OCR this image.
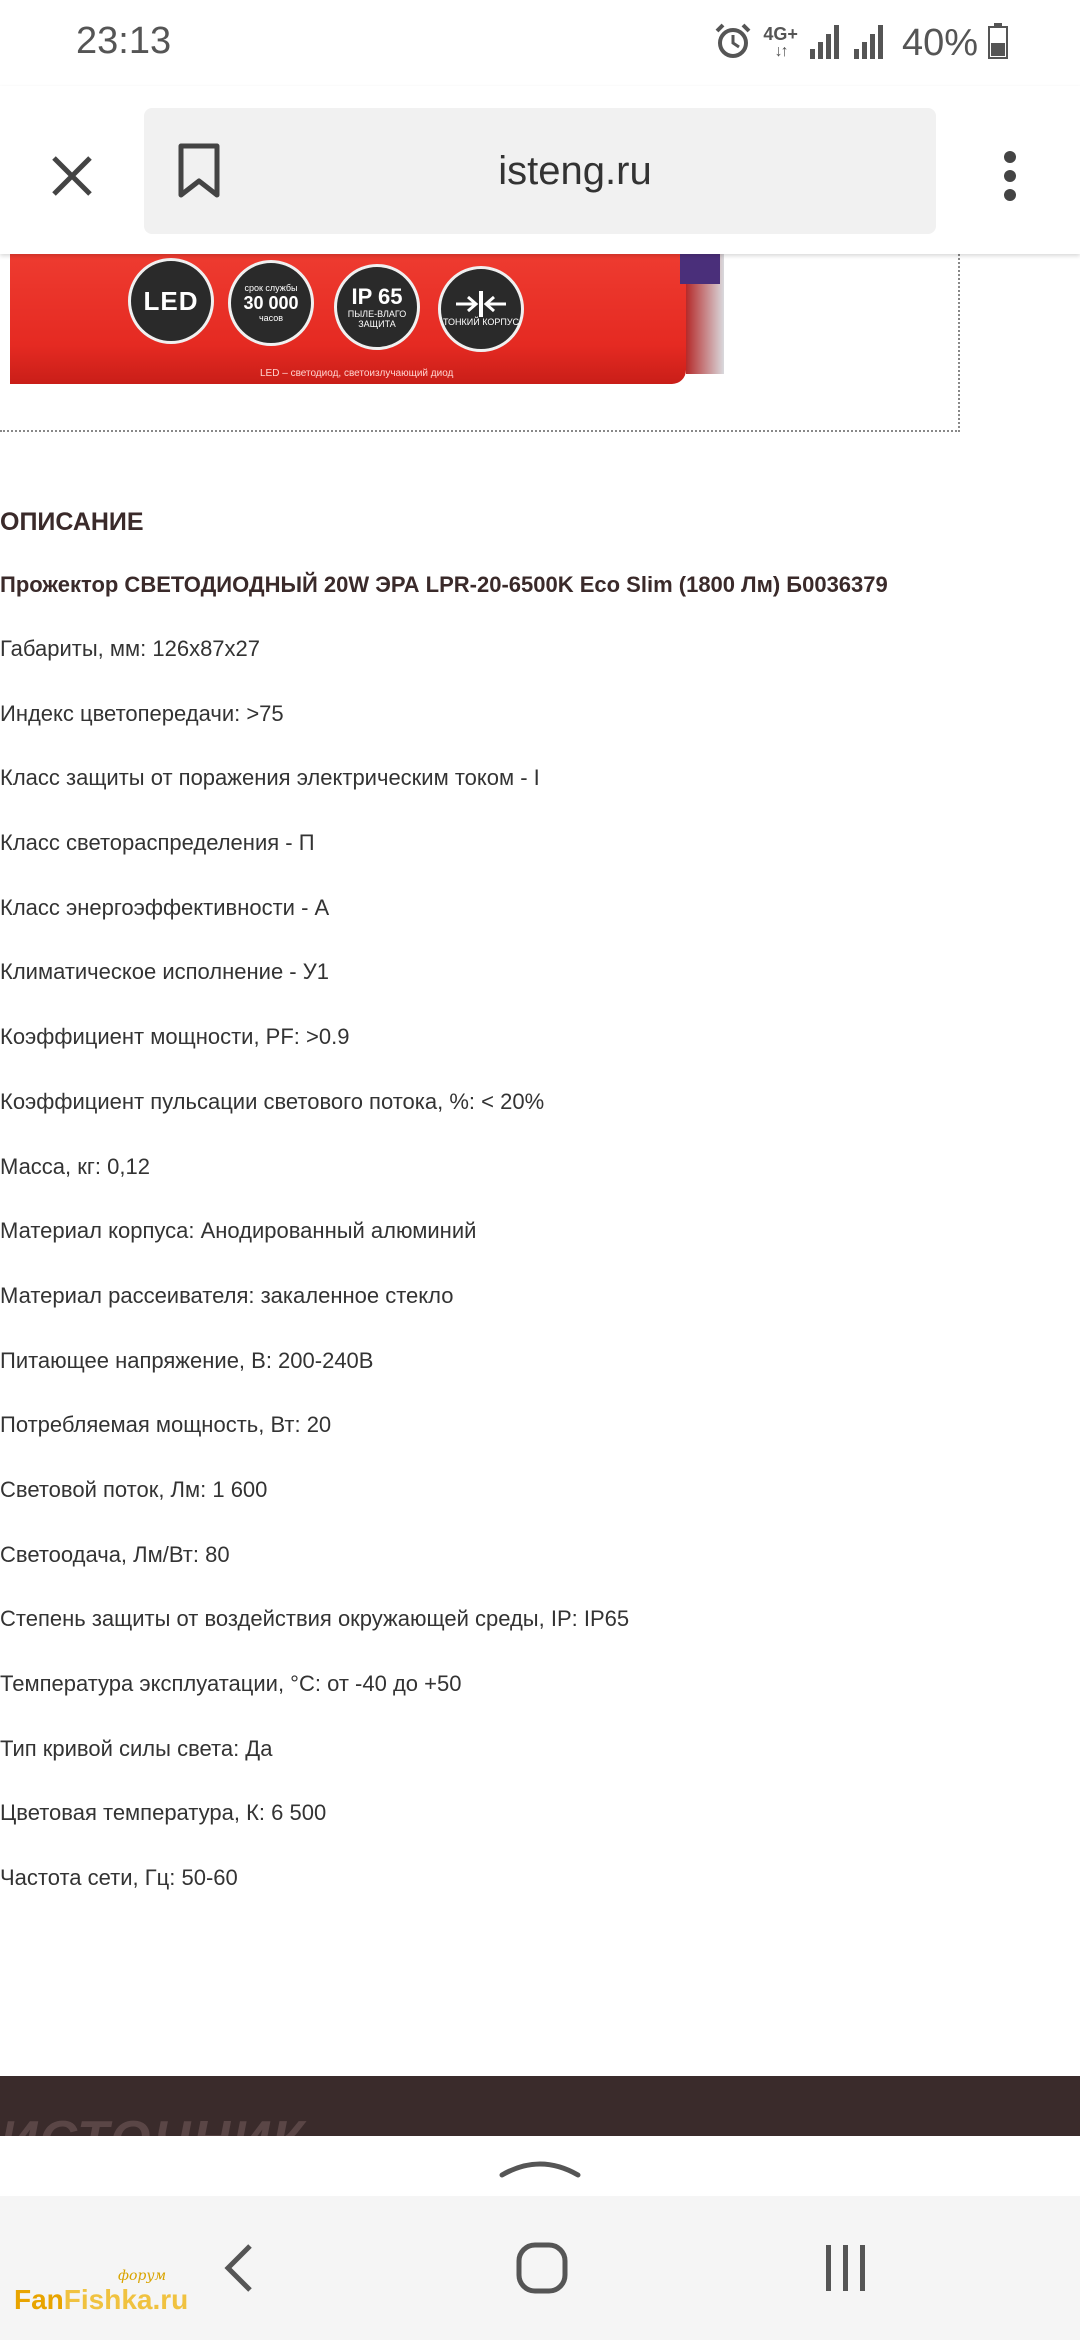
23:13	4G+
↓↑	40%
isteng.ru
LED	срок службы
30 000
часов
IP 65
ПЫЛЕ-ВЛАГО ЗАЩИТА	ТОНКИЙ КОРПУС
LED – светодиод, светоизлучающий диод
ОПИСАНИЕ
Прожектор СВЕТОДИОДНЫЙ 20W ЭРА LPR-20-6500K Eco Slim (1800 Лм) Б0036379
Габариты, мм: 126х87х27
Индекс цветопередачи: >75
Класс защиты от поражения электрическим током - I
Класс светораспределения - П
Класс энергоэффективности - А
Климатическое исполнение - У1
Коэффициент мощности, PF: >0.9
Коэффициент пульсации светового потока, %: < 20%
Масса, кг: 0,12
Материал корпуса: Анодированный алюминий
Материал рассеивателя: закаленное стекло
Питающее напряжение, В: 200-240В
Потребляемая мощность, Вт: 20
Световой поток, Лм: 1 600
Светоодача, Лм/Вт: 80
Степень защиты от воздействия окружающей среды, IP: IP65
Температура эксплуатации, °С: от -40 до +50
Тип кривой силы света: Да
Цветовая температура, К: 6 500
Частота сети, Гц: 50-60
форум
FanFishka.ru
